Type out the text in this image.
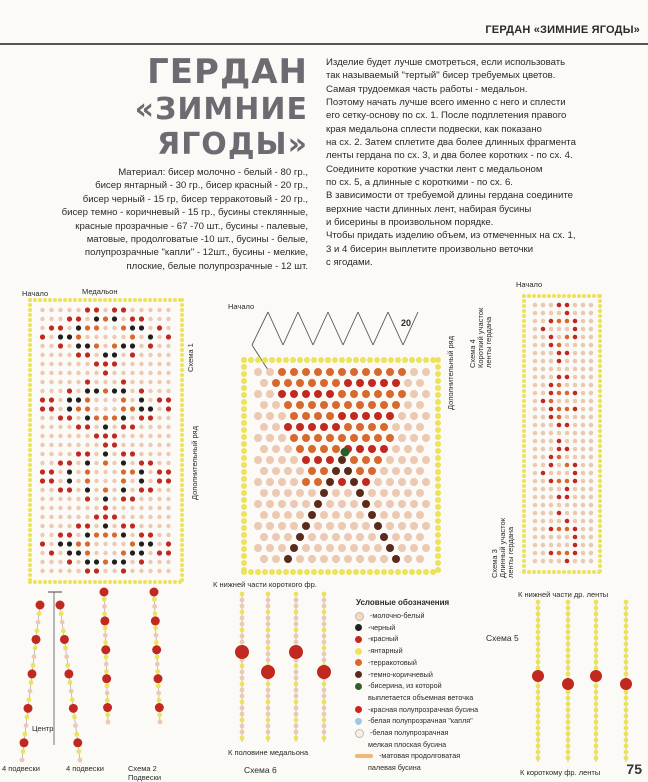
ГЕРДАН «ЗИМНИЕ ЯГОДЫ»
ГЕРДАН
«ЗИМНИЕ ЯГОДЫ»
Материал: бисер молочно - белый - 80 гр.,
бисер янтарный - 30 гр., бисер красный - 20 гр.,
бисер черный - 15 гр, бисер терракотовый - 20 гр.,
бисер темно - коричневый - 15 гр., бусины стеклянные,
красные прозрачные - 67 -70 шт., бусины - палевые,
матовые, продолговатые -10 шт., бусины - белые,
полупрозрачные "капли" - 12шт., бусины - мелкие,
плоские, белые полупрозрачные - 12 шт.
Изделие будет лучше смотреться, если использовать
так называемый "тертый" бисер требуемых цветов.
Самая трудоемкая часть работы - медальон.
Поэтому начать лучше всего именно с него и сплести
его сетку-основу по сх. 1. После подплетения правого
края медальона сплести подвески, как показано
на сх. 2. Затем сплетите два более длинных фрагмента
ленты гердана по сх. 3, и два более коротких - по сх. 4.
Соедините короткие участки лент с медальоном
по сх. 5, а длинные с короткими - по сх. 6.
В зависимости от требуемой длины гердана соедините
верхние части длинных лент, набирая бусины
и бисерины в произвольном порядке.
Чтобы придать изделию объем, из отмеченных на сх. 1,
3 и 4 бисерин выплетите произвольно веточки
с ягодами.
Начало	Медальон
Схема 1
Дополнительный ряд
Начало
20
Схема 4 Короткий участок ленты гердана
Дополнительный ряд
Начало
Схема 3 Длинный участок ленты гердана
Центр
4 подвески	4 подвески	Схема 2
Подвески
К нижней части короткого фр.
К половине медальона
Схема 6
К нижней части др. ленты
Схема 5
К короткому фр. ленты
Условные обозначения
-молочно-белый
-черный
-красный
-янтарный
-терракотовый
-темно-коричневый
-бисерина, из которой
выплетается объемная веточка
-красная полупрозрачная бусина
-белая полупрозрачная "капля"
-белая полупрозрачная
мелкая плоская бусина
-матовая продолговатая
палевая бусина	75
